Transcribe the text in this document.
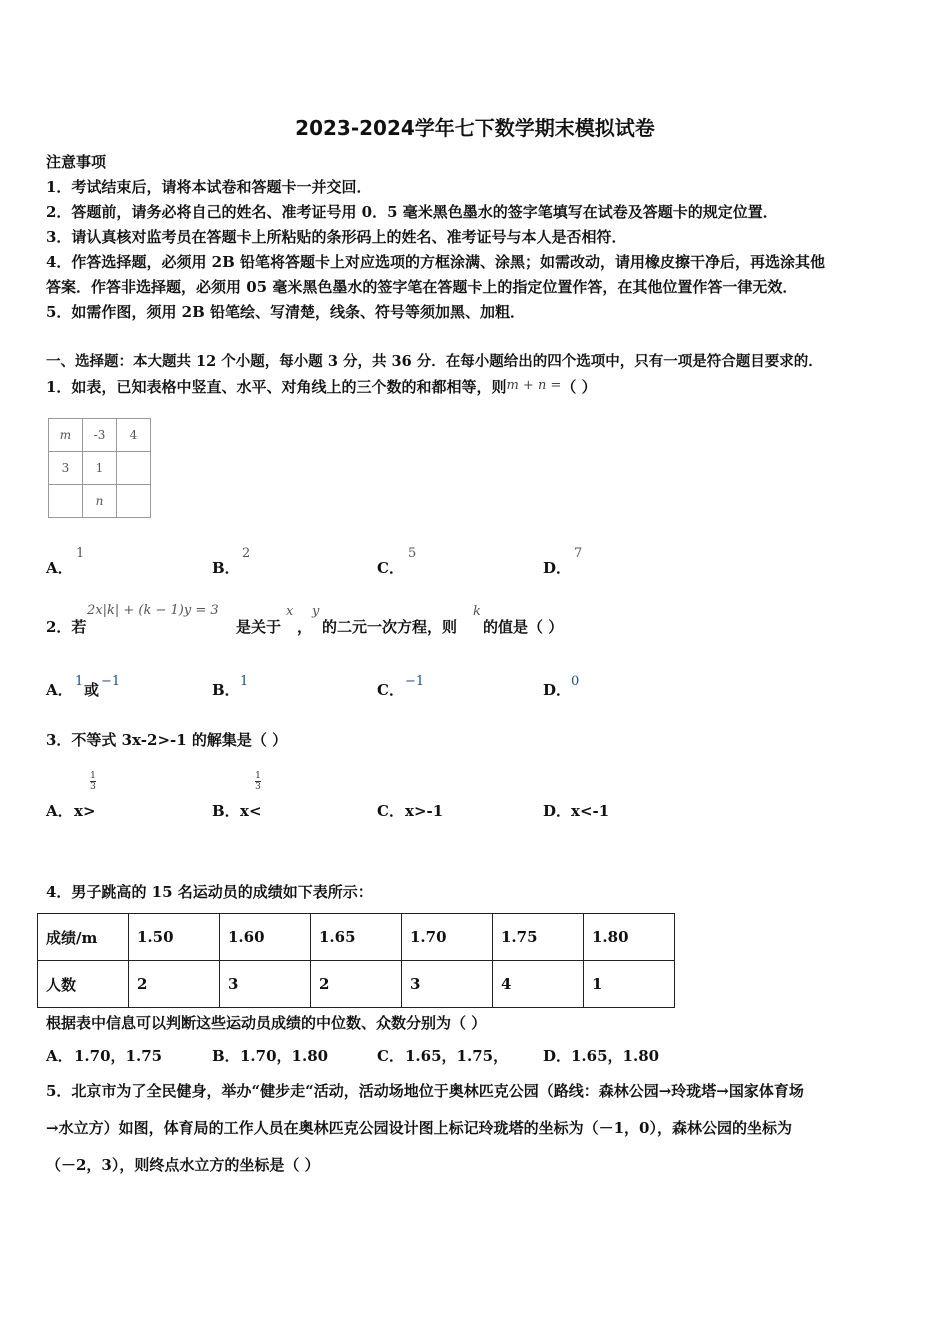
2023-2024学年七下数学期末模拟试卷
注意事项
1．考试结束后，请将本试卷和答题卡一并交回．
2．答题前，请务必将自己的姓名、准考证号用 0．5 毫米黑色墨水的签字笔填写在试卷及答题卡的规定位置．
3．请认真核对监考员在答题卡上所粘贴的条形码上的姓名、准考证号与本人是否相符．
4．作答选择题，必须用 2B 铅笔将答题卡上对应选项的方框涂满、涂黑；如需改动，请用橡皮擦干净后，再选涂其他
答案．作答非选择题，必须用 05 毫米黑色墨水的签字笔在答题卡上的指定位置作答，在其他位置作答一律无效．
5．如需作图，须用 2B 铅笔绘、写清楚，线条、符号等须加黑、加粗．
一、选择题：本大题共 12 个小题，每小题 3 分，共 36 分．在每小题给出的四个选项中，只有一项是符合题目要求的．
1．如表，已知表格中竖直、水平、对角线上的三个数的和都相等，则m + n =（ ）
m	-3	4
3	1	
	n	
A．
1
B．
2
C．
5
D．
7
2．若
2x|k| + (k − 1)y = 3
是关于
x
，
y
的二元一次方程，则
k
的值是（ ）
A． 1 或 −1	B． 1	C． −1	D． 0
3．不等式 3x-2>-1 的解集是（ ）
1
3
1
3
A． x>	B． x<	C． x>-1	D． x<-1
4．男子跳高的 15 名运动员的成绩如下表所示：
成绩/m	1.50	1.60	1.65	1.70	1.75	1.80
人数	2	3	2	3	4	1
根据表中信息可以判断这些运动员成绩的中位数、众数分别为（ ）
A． 1.70，1.75	B． 1.70，1.80	C． 1.65，1.75， D． 1.65，1.80
5．北京市为了全民健身，举办“健步走“活动，活动场地位于奥林匹克公园（路线：森林公园→玲珑塔→国家体育场
→水立方）如图，体育局的工作人员在奥林匹克公园设计图上标记玲珑塔的坐标为（－1，0），森林公园的坐标为
（－2，3），则终点水立方的坐标是（ ）
